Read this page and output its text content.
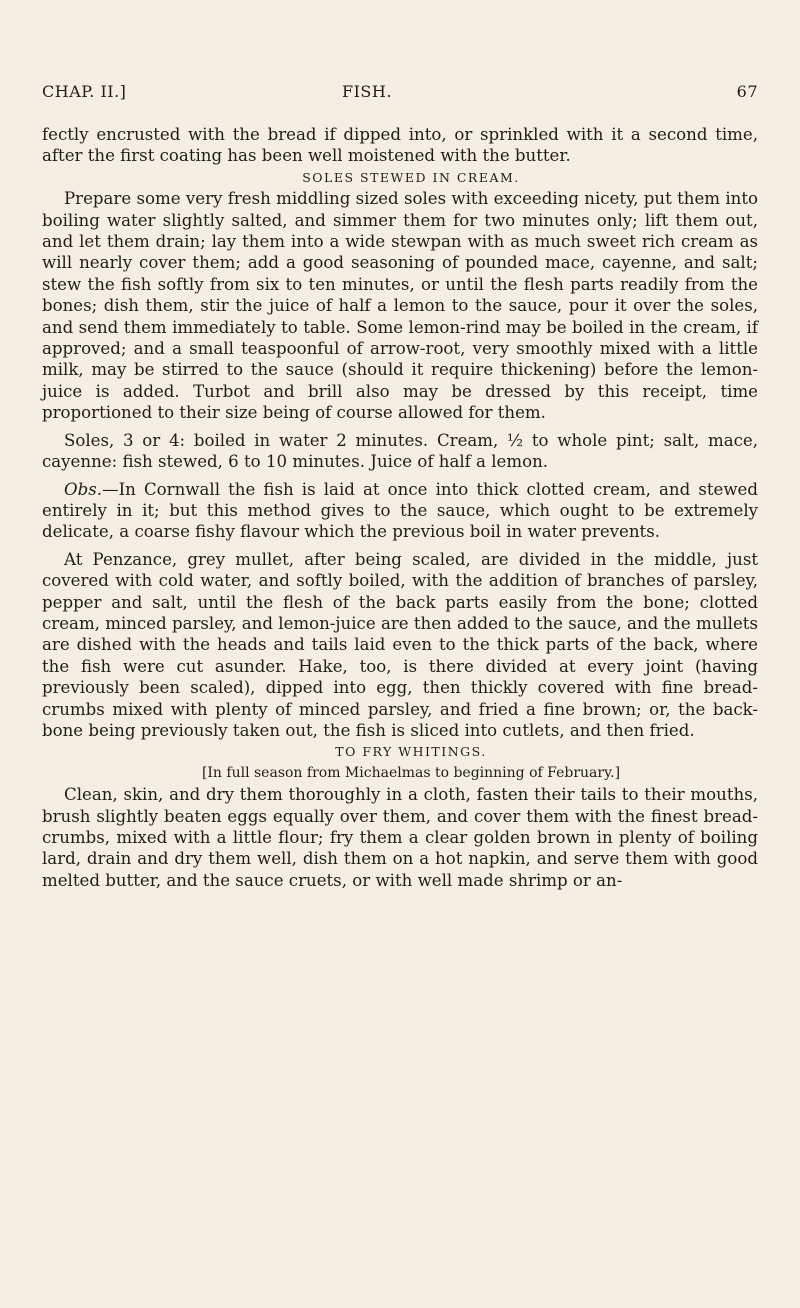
CHAP. II.]	FISH.	67

fectly encrusted with the bread if dipped into, or sprinkled with it a second time, after the first coating has been well moistened with the butter.

SOLES STEWED IN CREAM.

Prepare some very fresh middling sized soles with exceeding nicety, put them into boiling water slightly salted, and simmer them for two minutes only; lift them out, and let them drain; lay them into a wide stewpan with as much sweet rich cream as will nearly cover them; add a good seasoning of pounded mace, cayenne, and salt; stew the fish softly from six to ten minutes, or until the flesh parts readily from the bones; dish them, stir the juice of half a lemon to the sauce, pour it over the soles, and send them immediately to table. Some lemon-rind may be boiled in the cream, if approved; and a small teaspoonful of arrow-root, very smoothly mixed with a little milk, may be stirred to the sauce (should it require thickening) before the lemon-juice is added. Turbot and brill also may be dressed by this receipt, time proportioned to their size being of course allowed for them.

Soles, 3 or 4: boiled in water 2 minutes. Cream, ½ to whole pint; salt, mace, cayenne: fish stewed, 6 to 10 minutes. Juice of half a lemon.

Obs.—In Cornwall the fish is laid at once into thick clotted cream, and stewed entirely in it; but this method gives to the sauce, which ought to be extremely delicate, a coarse fishy flavour which the previous boil in water prevents.

At Penzance, grey mullet, after being scaled, are divided in the middle, just covered with cold water, and softly boiled, with the addition of branches of parsley, pepper and salt, until the flesh of the back parts easily from the bone; clotted cream, minced parsley, and lemon-juice are then added to the sauce, and the mullets are dished with the heads and tails laid even to the thick parts of the back, where the fish were cut asunder. Hake, too, is there divided at every joint (having previously been scaled), dipped into egg, then thickly covered with fine bread-crumbs mixed with plenty of minced parsley, and fried a fine brown; or, the back-bone being previously taken out, the fish is sliced into cutlets, and then fried.

TO FRY WHITINGS.

[In full season from Michaelmas to beginning of February.]

Clean, skin, and dry them thoroughly in a cloth, fasten their tails to their mouths, brush slightly beaten eggs equally over them, and cover them with the finest bread-crumbs, mixed with a little flour; fry them a clear golden brown in plenty of boiling lard, drain and dry them well, dish them on a hot napkin, and serve them with good melted butter, and the sauce cruets, or with well made shrimp or an-
